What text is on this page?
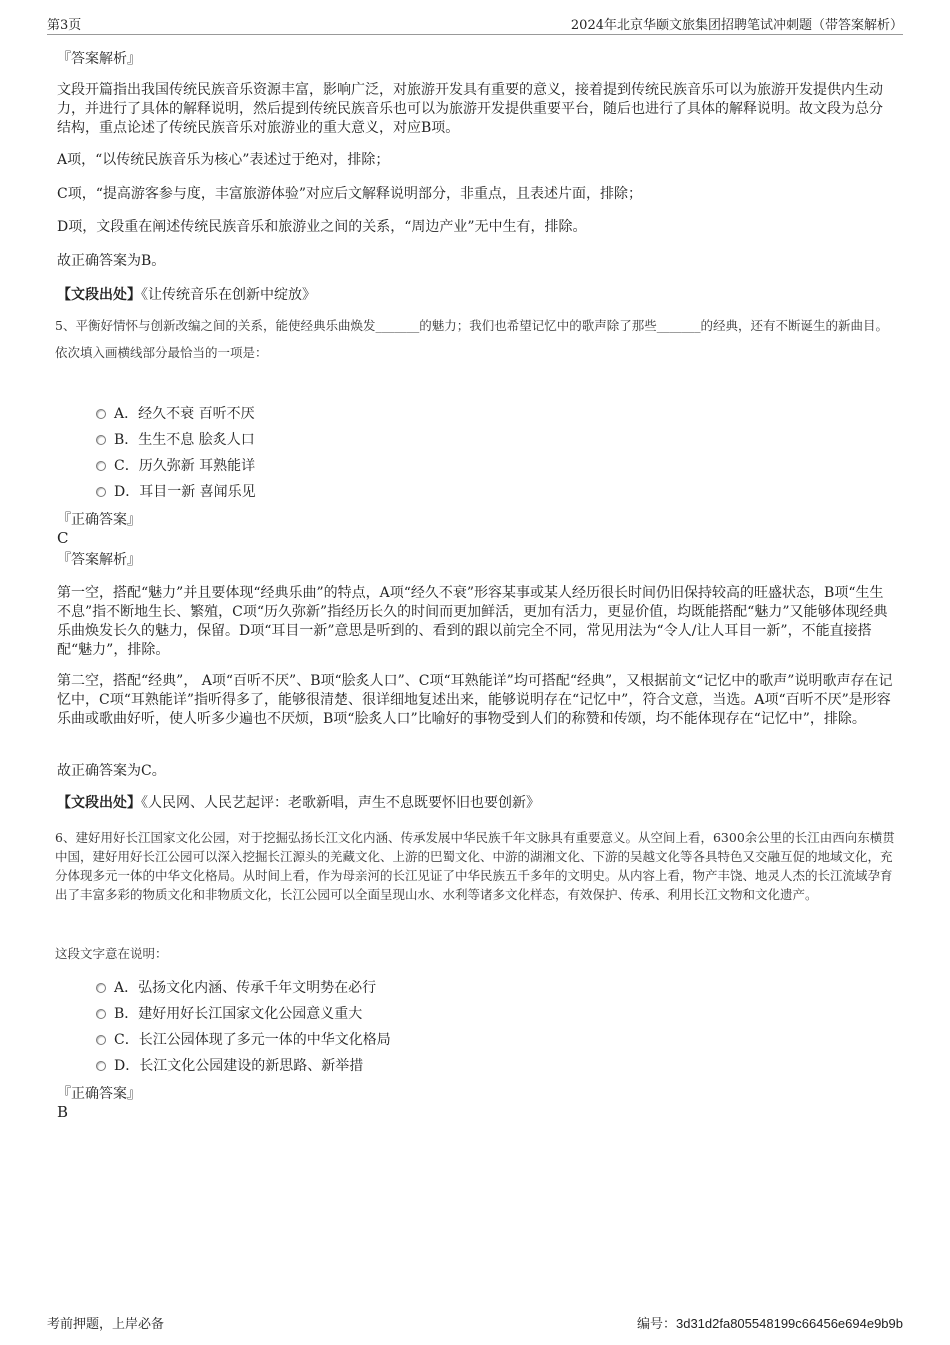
第3页	2024年北京华颐文旅集团招聘笔试冲刺题（带答案解析）
『答案解析』

文段开篇指出我国传统民族音乐资源丰富，影响广泛，对旅游开发具有重要的意义，接着提到传统民族音乐可以为旅游开发提供内生动力，并进行了具体的解释说明，然后提到传统民族音乐也可以为旅游开发提供重要平台，随后也进行了具体的解释说明。故文段为总分结构，重点论述了传统民族音乐对旅游业的重大意义，对应B项。

A项，“以传统民族音乐为核心”表述过于绝对，排除；
C项，“提高游客参与度，丰富旅游体验”对应后文解释说明部分，非重点，且表述片面，排除；
D项，文段重在阐述传统民族音乐和旅游业之间的关系，“周边产业”无中生有，排除。
故正确答案为B。
【文段出处】《让传统音乐在创新中绽放》
5、平衡好情怀与创新改编之间的关系，能使经典乐曲焕发_______的魅力；我们也希望记忆中的歌声除了那些_______的经典，还有不断诞生的新曲目。
依次填入画横线部分最恰当的一项是：
A．经久不衰 百听不厌
B．生生不息 脍炙人口
C．历久弥新 耳熟能详
D．耳目一新 喜闻乐见
『正确答案』
C
『答案解析』
第一空，搭配“魅力”并且要体现“经典乐曲”的特点，A项“经久不衰”形容某事或某人经历很长时间仍旧保持较高的旺盛状态，B项“生生不息”指不断地生长、繁殖，C项“历久弥新”指经历长久的时间而更加鲜活，更加有活力，更显价值，均既能搭配“魅力”又能够体现经典乐曲焕发长久的魅力，保留。D项“耳目一新”意思是听到的、看到的跟以前完全不同，常见用法为“令人/让人耳目一新”，不能直接搭配“魅力”，排除。
第二空，搭配“经典”， A项“百听不厌”、B项“脍炙人口”、C项“耳熟能详”均可搭配“经典”，又根据前文“记忆中的歌声”说明歌声存在记忆中，C项“耳熟能详”指听得多了，能够很清楚、很详细地复述出来，能够说明存在“记忆中”，符合文意，当选。A项“百听不厌”是形容乐曲或歌曲好听，使人听多少遍也不厌烦，B项“脍炙人口”比喻好的事物受到人们的称赞和传颂，均不能体现存在“记忆中”，排除。
故正确答案为C。
【文段出处】《人民网、人民艺起评：老歌新唱，声生不息既要怀旧也要创新》
6、建好用好长江国家文化公园，对于挖掘弘扬长江文化内涵、传承发展中华民族千年文脉具有重要意义。从空间上看，6300余公里的长江由西向东横贯中国，建好用好长江公园可以深入挖掘长江源头的羌藏文化、上游的巴蜀文化、中游的湖湘文化、下游的吴越文化等各具特色又交融互促的地域文化，充分体现多元一体的中华文化格局。从时间上看，作为母亲河的长江见证了中华民族五千多年的文明史。从内容上看，物产丰饶、地灵人杰的长江流域孕育出了丰富多彩的物质文化和非物质文化，长江公园可以全面呈现山水、水利等诸多文化样态，有效保护、传承、利用长江文物和文化遗产。
这段文字意在说明：
A．弘扬文化内涵、传承千年文明势在必行
B．建好用好长江国家文化公园意义重大
C．长江公园体现了多元一体的中华文化格局
D．长江文化公园建设的新思路、新举措
『正确答案』
B
考前押题，上岸必备	编号：3d31d2fa805548199c66456e694e9b9b
